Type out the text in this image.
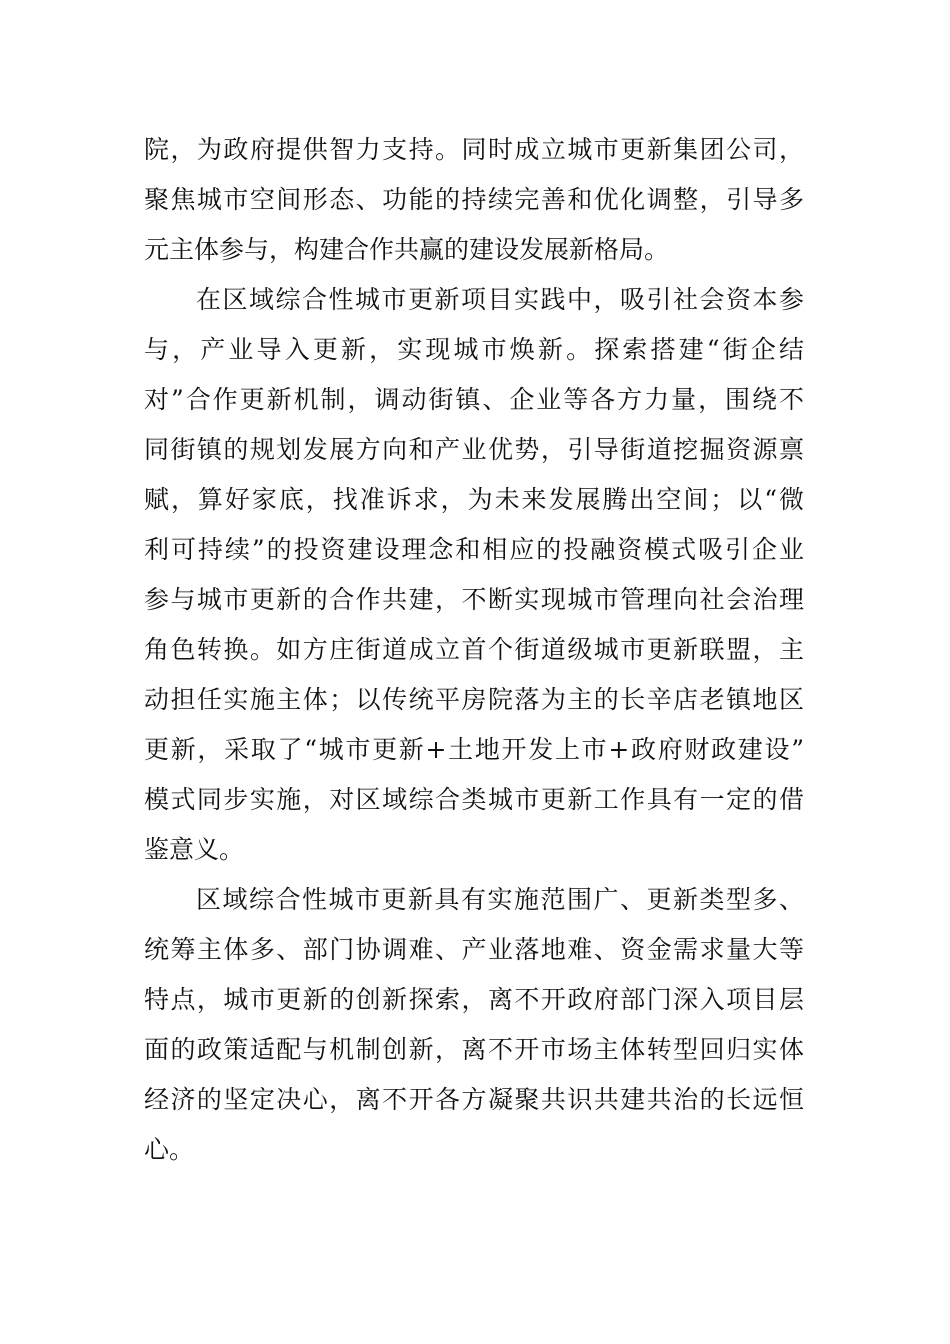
院，为政府提供智力支持。同时成立城市更新集团公司，
聚焦城市空间形态、功能的持续完善和优化调整，引导多
元主体参与，构建合作共赢的建设发展新格局。
在区域综合性城市更新项目实践中，吸引社会资本参
与，产业导入更新，实现城市焕新。探索搭建“街企结
对”合作更新机制，调动街镇、企业等各方力量，围绕不
同街镇的规划发展方向和产业优势，引导街道挖掘资源禀
赋，算好家底，找准诉求，为未来发展腾出空间；以“微
利可持续”的投资建设理念和相应的投融资模式吸引企业
参与城市更新的合作共建，不断实现城市管理向社会治理
角色转换。如方庄街道成立首个街道级城市更新联盟，主
动担任实施主体；以传统平房院落为主的长辛店老镇地区
更新，采取了“城市更新+土地开发上市+政府财政建设”
模式同步实施，对区域综合类城市更新工作具有一定的借
鉴意义。
区域综合性城市更新具有实施范围广、更新类型多、
统筹主体多、部门协调难、产业落地难、资金需求量大等
特点，城市更新的创新探索，离不开政府部门深入项目层
面的政策适配与机制创新，离不开市场主体转型回归实体
经济的坚定决心，离不开各方凝聚共识共建共治的长远恒
心。
